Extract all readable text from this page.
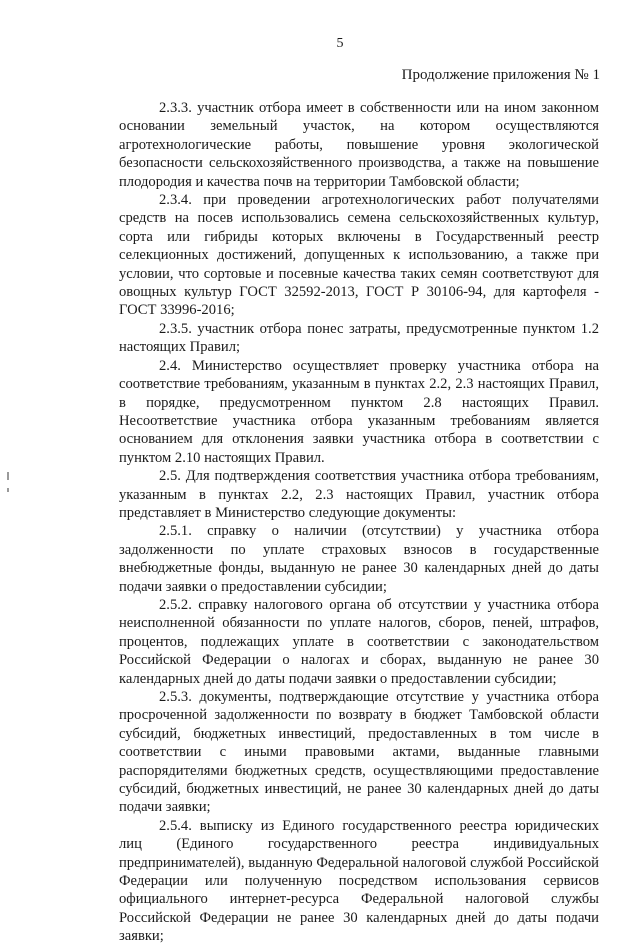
5
Продолжение приложения № 1

2.3.3. участник отбора имеет в собственности или на ином законном основании земельный участок, на котором осуществляются агротехнологические работы, повышение уровня экологической безопасности сельскохозяйственного производства, а также на повышение плодородия и качества почв на территории Тамбовской области;

2.3.4. при проведении агротехнологических работ получателями средств на посев использовались семена сельскохозяйственных культур, сорта или гибриды которых включены в Государственный реестр селекционных достижений, допущенных к использованию, а также при условии, что сортовые и посевные качества таких семян соответствуют для овощных культур ГОСТ 32592-2013, ГОСТ Р 30106-94, для картофеля - ГОСТ 33996-2016;

2.3.5. участник отбора понес затраты, предусмотренные пунктом 1.2 настоящих Правил;

2.4. Министерство осуществляет проверку участника отбора на соответствие требованиям, указанным в пунктах 2.2, 2.3 настоящих Правил, в порядке, предусмотренном пунктом 2.8 настоящих Правил. Несоответствие участника отбора указанным требованиям является основанием для отклонения заявки участника отбора в соответствии с пунктом 2.10 настоящих Правил.

2.5. Для подтверждения соответствия участника отбора требованиям, указанным в пунктах 2.2, 2.3 настоящих Правил, участник отбора представляет в Министерство следующие документы:

2.5.1. справку о наличии (отсутствии) у участника отбора задолженности по уплате страховых взносов в государственные внебюджетные фонды, выданную не ранее 30 календарных дней до даты подачи заявки о предоставлении субсидии;

2.5.2. справку налогового органа об отсутствии у участника отбора неисполненной обязанности по уплате налогов, сборов, пеней, штрафов, процентов, подлежащих уплате в соответствии с законодательством Российской Федерации о налогах и сборах, выданную не ранее 30 календарных дней до даты подачи заявки о предоставлении субсидии;

2.5.3. документы, подтверждающие отсутствие у участника отбора просроченной задолженности по возврату в бюджет Тамбовской области субсидий, бюджетных инвестиций, предоставленных в том числе в соответствии с иными правовыми актами, выданные главными распорядителями бюджетных средств, осуществляющими предоставление субсидий, бюджетных инвестиций, не ранее 30 календарных дней до даты подачи заявки;

2.5.4. выписку из Единого государственного реестра юридических лиц (Единого государственного реестра индивидуальных предпринимателей), выданную Федеральной налоговой службой Российской Федерации или полученную посредством использования сервисов официального интернет-ресурса Федеральной налоговой службы Российской Федерации не ранее 30 календарных дней до даты подачи заявки;
